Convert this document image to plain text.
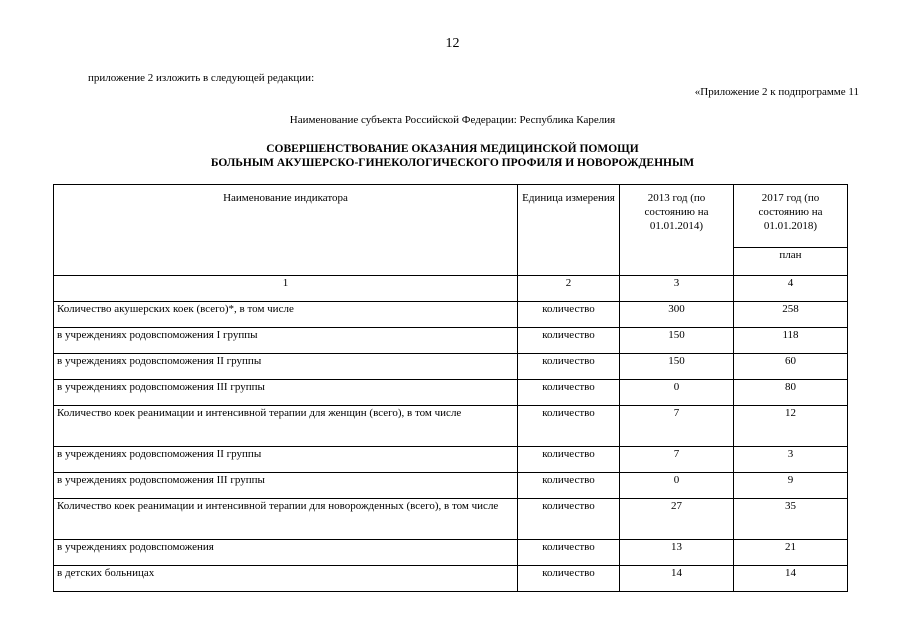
12
приложение 2 изложить в следующей редакции:
«Приложение 2 к подпрограмме 11
Наименование субъекта Российской Федерации: Республика Карелия
СОВЕРШЕНСТВОВАНИЕ ОКАЗАНИЯ МЕДИЦИНСКОЙ ПОМОЩИ
БОЛЬНЫМ АКУШЕРСКО-ГИНЕКОЛОГИЧЕСКОГО ПРОФИЛЯ И НОВОРОЖДЕННЫМ
Наименование индикатора	Единица измерения	2013 год (по состоянию на 01.01.2014)	2017 год (по состоянию на 01.01.2018)
			план
1	2	3	4
Количество акушерских коек (всего)*, в том числе	количество	300	258
в учреждениях родовспоможения I группы	количество	150	118
в учреждениях родовспоможения II группы	количество	150	60
в учреждениях родовспоможения III группы	количество	0	80
Количество коек реанимации и интенсивной терапии для женщин (всего), в том числе	количество	7	12
в учреждениях родовспоможения II группы	количество	7	3
в учреждениях родовспоможения III группы	количество	0	9
Количество коек реанимации и интенсивной терапии для новорожденных (всего), в том числе	количество	27	35
в учреждениях родовспоможения	количество	13	21
в детских больницах	количество	14	14
